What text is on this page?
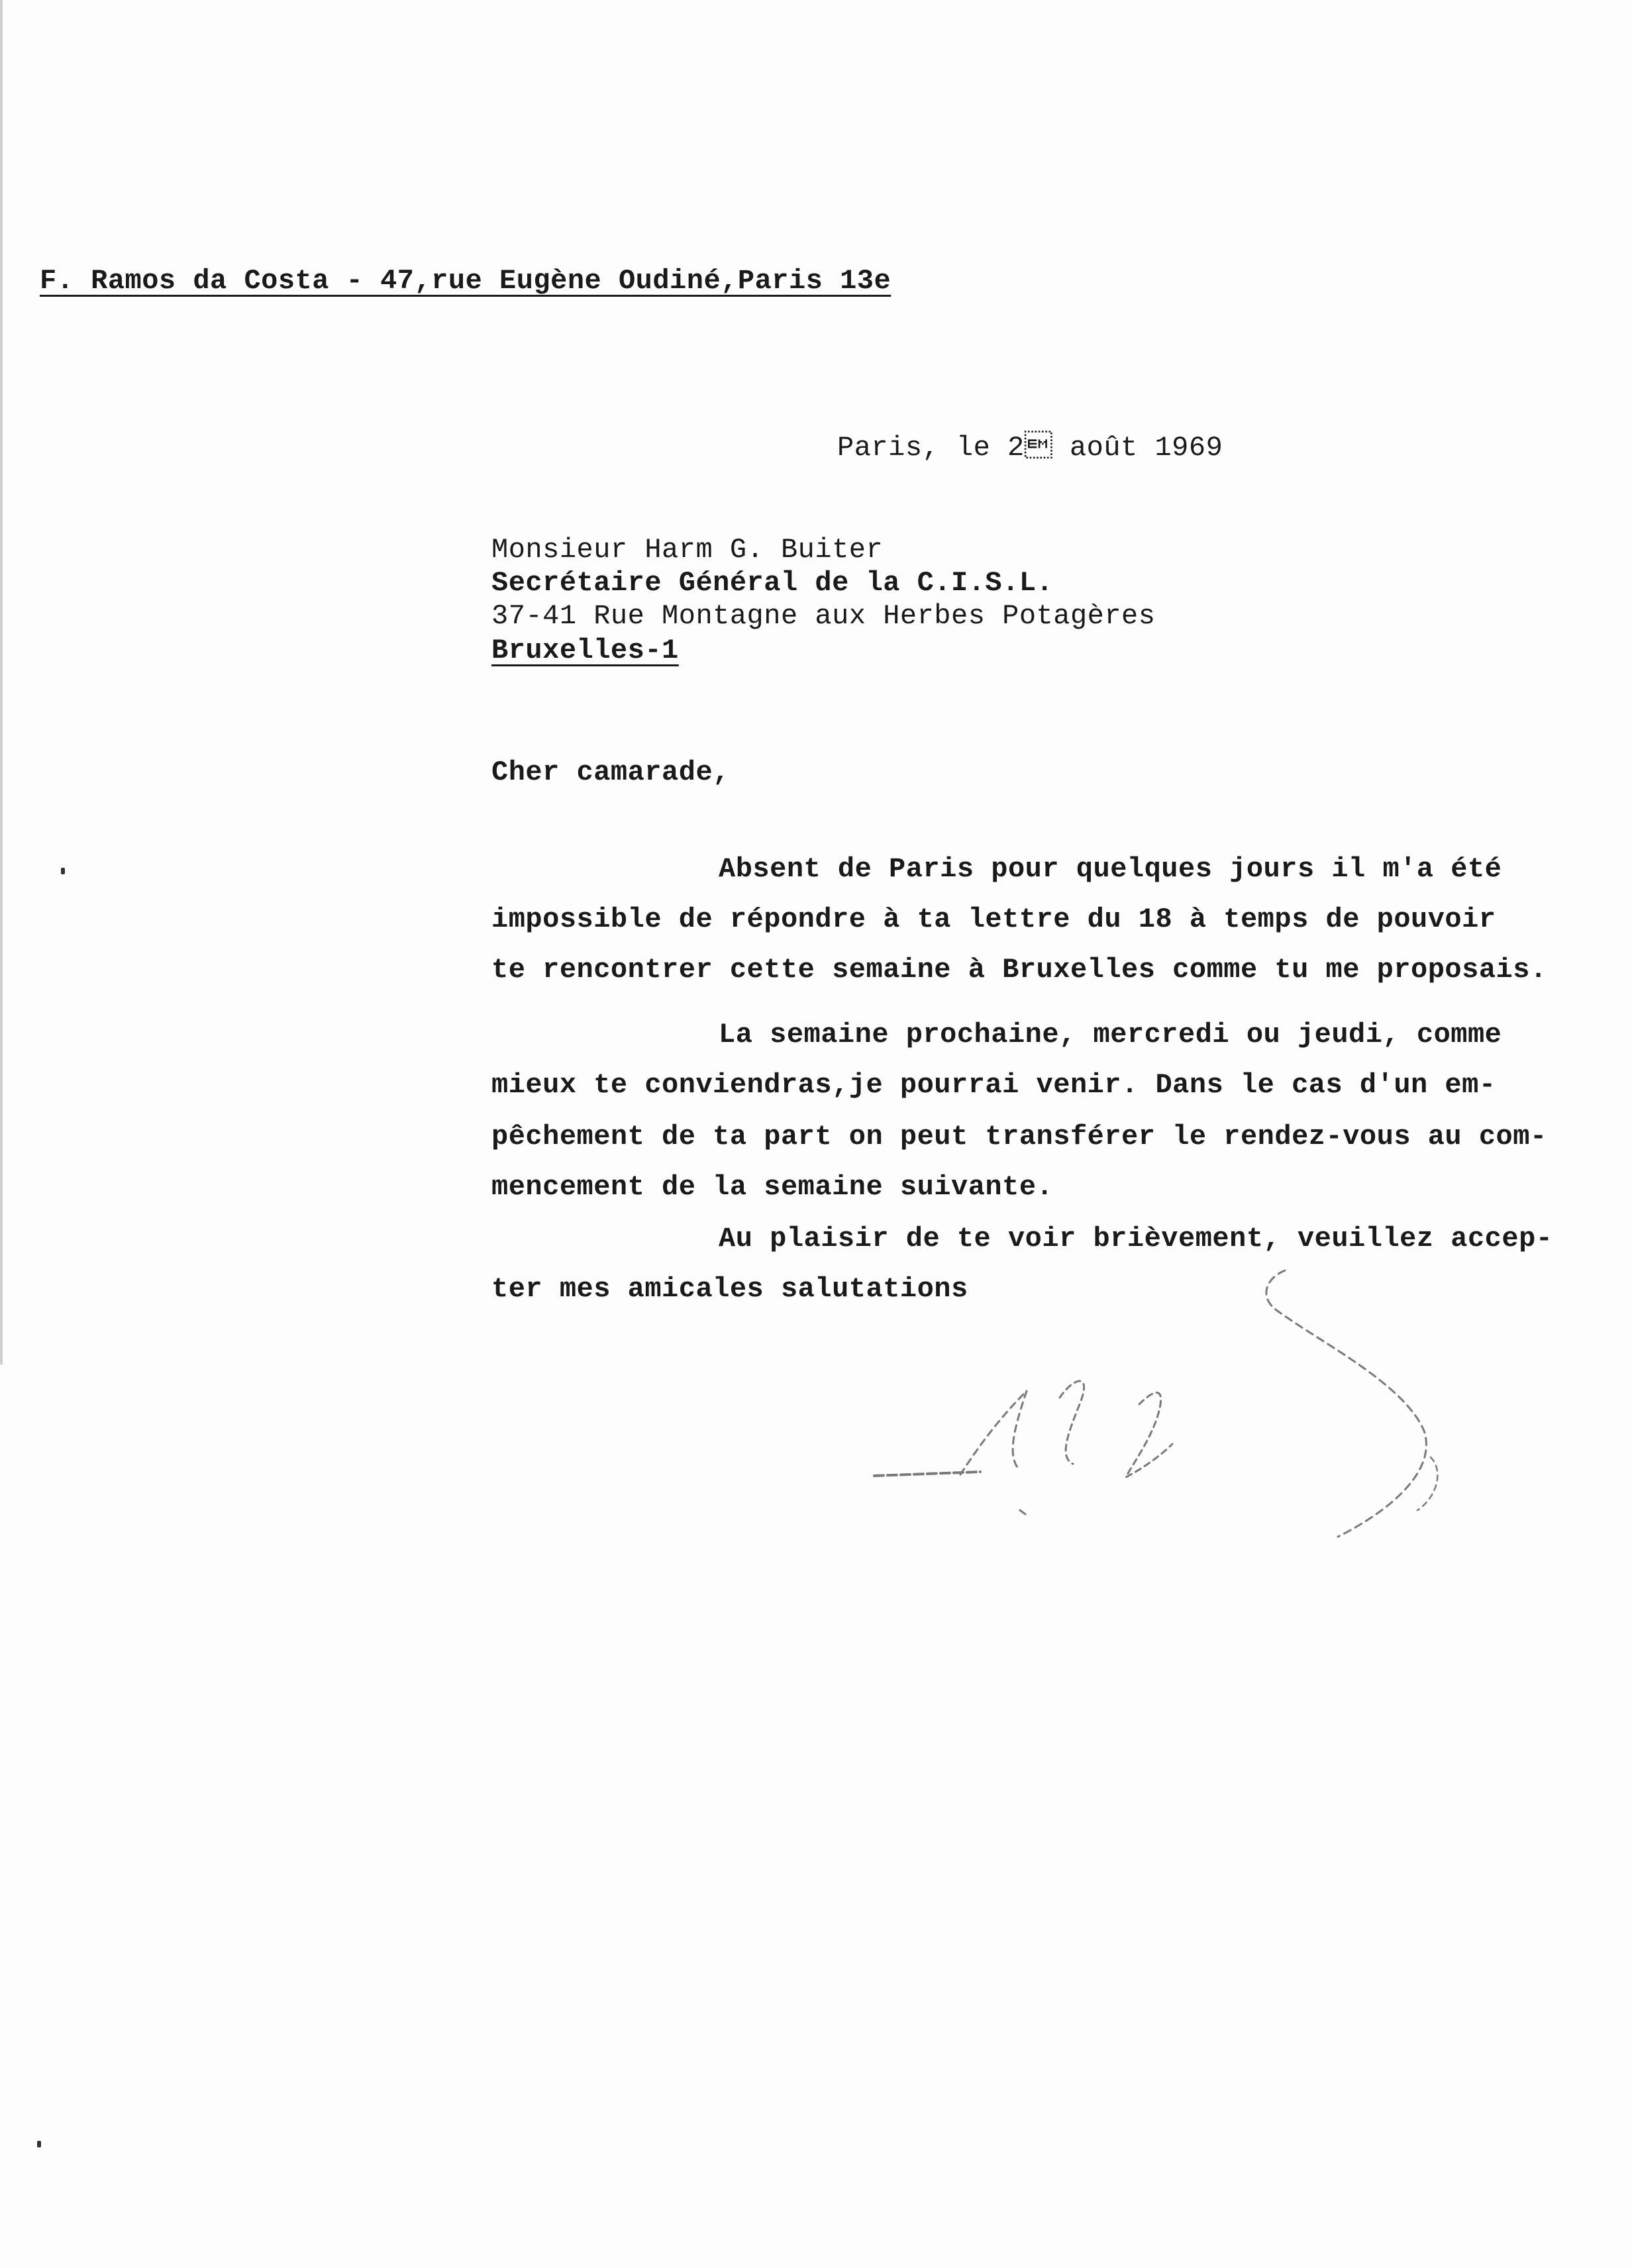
F. Ramos da Costa - 47,rue Eugène Oudiné,Paris 13e
Paris, le 2 août 1969
Monsieur Harm G. Buiter
Secrétaire Général de la C.I.S.L.
37-41 Rue Montagne aux Herbes Potagères
Bruxelles-1
Cher camarade,
Absent de Paris pour quelques jours il m'a été
impossible de répondre à ta lettre du 18 à temps de pouvoir
te rencontrer cette semaine à Bruxelles comme tu me proposais.
La semaine prochaine, mercredi ou jeudi, comme
mieux te conviendras,je pourrai venir. Dans le cas d'un em-
pêchement de ta part on peut transférer le rendez-vous au com-
mencement de la semaine suivante.
Au plaisir de te voir brièvement, veuillez accep-
ter mes amicales salutations
